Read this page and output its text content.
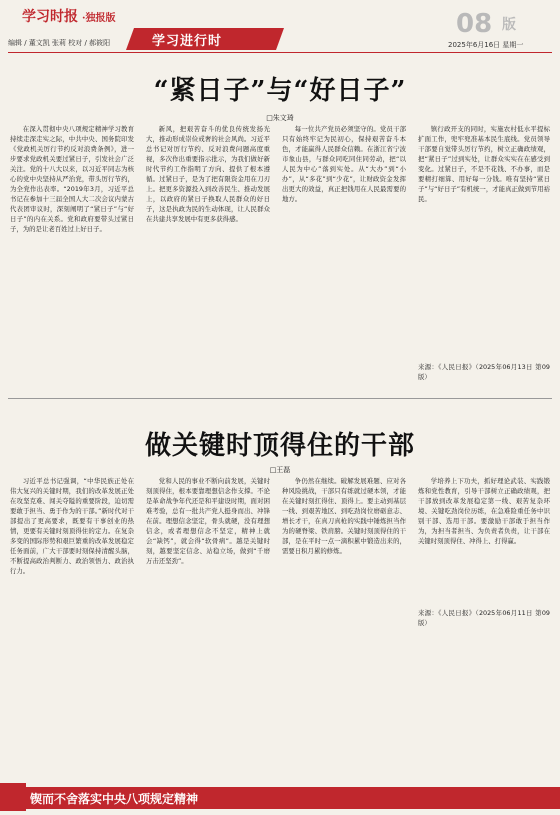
学习时报 ·独报版
编辑 / 董文凯 张莉 校对 / 郝筱阳	学习进行时
08 版
2025年6月16日 星期一
“紧日子”与“好日子”
□朱文琦

在深入贯彻中央八项规定精神学习教育持续走深走实之际，中共中央、国务院印发《党政机关厉行节约反对浪费条例》，进一步要求党政机关要过紧日子，引发社会广泛关注。党的十八大以来，以习近平同志为核心的党中央坚持从严治党，带头厉行节约，为全党作出表率。“2019年3月，习近平总书记在参加十三届全国人大二次会议内蒙古代表团审议时，深刻阐明了“紧日子”与“好日子”的内在关系。党和政府要带头过紧日子，为的是让老百姓过上好日子。

新风，把艰苦奋斗的优良传统发扬光大，推动形成崇俭戒奢的社会风尚。习近平总书记对厉行节约、反对浪费问题高度重视，多次作出重要指示批示，为我们做好新时代节约工作指明了方向、提供了根本遵循。过紧日子，是为了把有限资金用在刀刃上。把更多资源投入到改善民生、推动发展上，以政府的紧日子换取人民群众的好日子，这是执政为民的生动体现，让人民群众在共建共享发展中有更多获得感。

每一位共产党员必须坚守的。党员干部只有始终牢记为民初心，保持艰苦奋斗本色，才能赢得人民群众信赖。在浙江省宁波市象山县，与群众同吃同住同劳动，把“以人民为中心”落到实处。从“大办”到“小办”，从“多花”到“少花”，让财政资金发挥出更大的效益，真正把钱用在人民最需要的地方。

镇行政开支的同时，实施农村低水平提标扩面工作，兜牢兜准基本民生底线。党员领导干部要自觉带头厉行节约，树立正确政绩观，把“紧日子”过到实处，让群众实实在在感受到变化。过紧日子，不是不花钱、不办事，而是要精打细算、用好每一分钱。唯有坚持“紧日子”与“好日子”有机统一，才能真正做到节用裕民。

来源：《人民日报》（2025年06月13日 第09版）
做关键时顶得住的干部
□王磊

习近平总书记强调，“中华民族正处在伟大复兴的关键时期，我们的改革发展正处在攻坚克难、闯关夺隘的重要阶段，迫切需要敢于担当、勇于作为的干部。”新时代对干部提出了更高要求，既要有干事创业的热情，更要有关键时刻顶得住的定力。在复杂多变的国际形势和艰巨繁重的改革发展稳定任务面前，广大干部要时刻保持清醒头脑，不断提高政治判断力、政治领悟力、政治执行力。

党和人民的事业不断向前发展，关键时刻顶得住，根本要靠理想信念作支撑。不论是革命战争年代还是和平建设时期，面对困难考验，总有一批共产党人挺身而出、冲锋在前。理想信念坚定，骨头就硬，没有理想信念，或者理想信念不坚定，精神上就会“缺钙”，就会得“软骨病”。越是关键时刻，越要坚定信念、站稳立场，做到“千磨万击还坚劲”。

争仍然在继续。破解发展难题、应对各种风险挑战，干部只有练就过硬本领，才能在关键时刻扛得住、顶得上。要主动到基层一线、到艰苦地区、到吃劲岗位磨砺意志、增长才干，在真刀真枪的实践中锤炼担当作为的硬脊梁、铁肩膀。关键时刻顶得住的干部，是在平时一点一滴积累中锻造出来的，需要日积月累的修炼。

学培养上下功夫，抓好理论武装、实践锻炼和党性教育，引导干部树立正确政绩观，把干部放到改革发展稳定第一线、艰苦复杂环境、关键吃劲岗位历练，在急难险重任务中识别干部、选用干部。要激励干部敢于担当作为，为担当者担当、为负责者负责，让干部在关键时刻顶得住、冲得上、打得赢。

来源：《人民日报》（2025年06月11日 第09版）
锲而不舍落实中央八项规定精神
